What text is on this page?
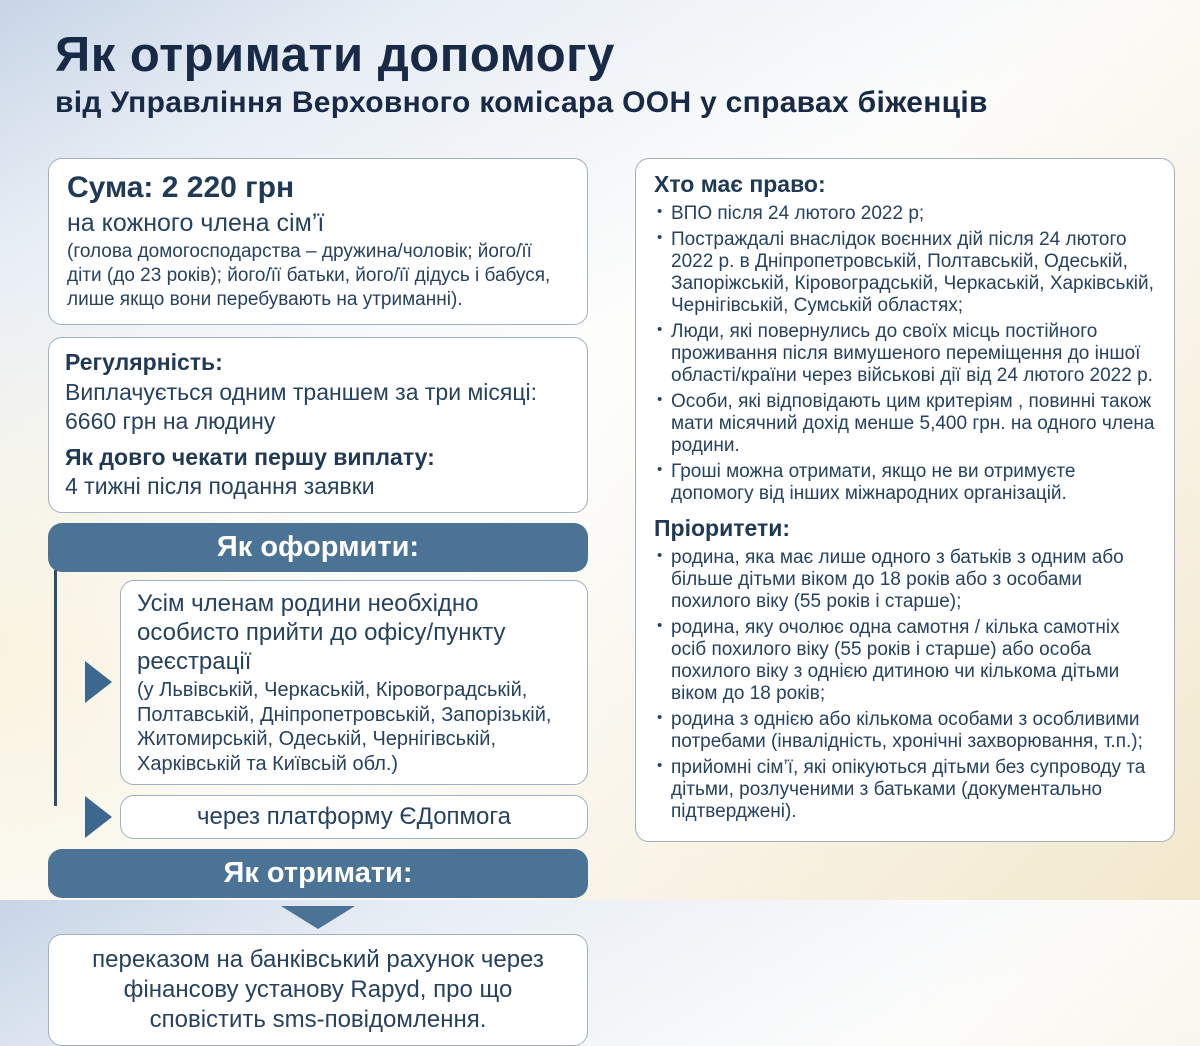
Як отримати допомогу
від Управління Верховного комісара ООН у справах біженців
Сума: 2 220 грн
на кожного члена сім’ї
(голова домогосподарства – дружина/чоловік; його/її діти (до 23 років); його/її батьки, його/її дідусь і бабуся, лише якщо вони перебувають на утриманні).
Регулярність:
Виплачується одним траншем за три місяці: 6660 грн на людину
Як довго чекати першу виплату:
4 тижні після подання заявки
Як оформити:
Усім членам родини необхідно особисто прийти до офісу/пункту реєстрації
(у Львівській, Черкаській, Кіровоградській, Полтавській, Дніпропетровській, Запорізькій, Житомирській, Одеській, Чернігівській, Харківській та Київсьій обл.)
через платформу ЄДопмога
Як отримати:
переказом на банківський рахунок через фінансову установу Rapyd, про що сповістить sms-повідомлення.
Хто має право:
• ВПО після 24 лютого 2022 р;
• Постраждалі внаслідок воєнних дій після 24 лютого 2022 р. в Дніпропетровській, Полтавській, Одеській, Запоріжській, Кіровоградській, Черкаській, Харківській, Чернігівській, Сумській областях;
• Люди, які повернулись до своїх місць постійного проживання після вимушеного переміщення до іншої області/країни через військові дії від 24 лютого 2022 р.
• Особи, які відповідають цим критеріям , повинні також мати місячний дохід менше 5,400 грн. на одного члена родини.
• Гроші можна отримати, якщо не ви отримуєте допомогу від інших міжнародних організацій.
Пріоритети:
• родина, яка має лише одного з батьків з одним або більше дітьми віком до 18 років або з особами похилого віку (55 років і старше);
• родина, яку очолює одна самотня / кілька самотніх осіб похилого віку (55 років і старше) або особа похилого віку з однією дитиною чи кількома дітьми віком до 18 років;
• родина з однією або кількома особами з особливими потребами (інвалідність, хронічні захворювання, т.п.);
• прийомні сім’ї, які опікуються дітьми без супроводу та дітьми, розлученими з батьками (документально підтверджені).
